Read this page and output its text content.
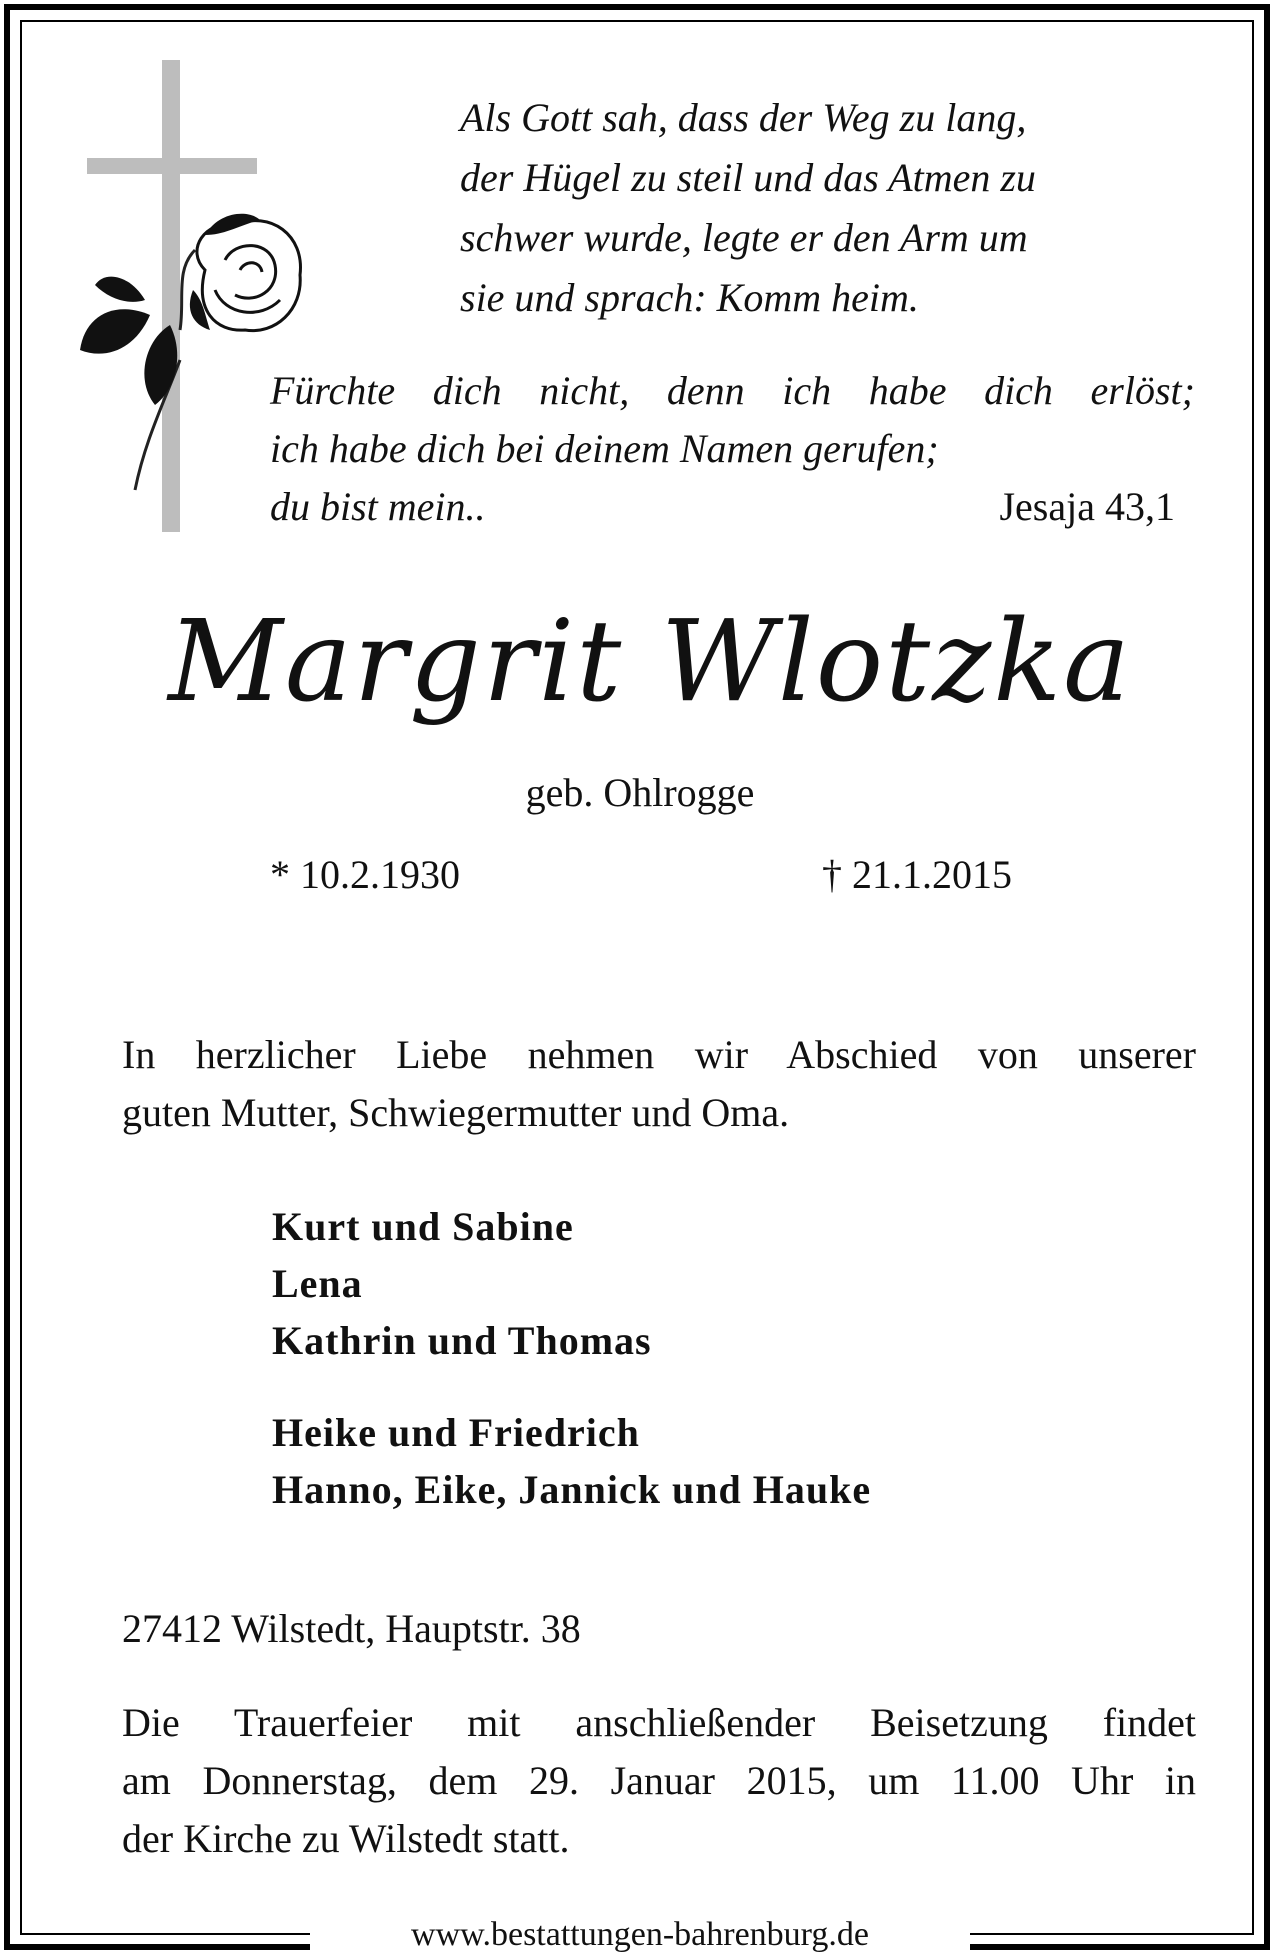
www.bestattungen-bahrenburg.de
Als Gott sah, dass der Weg zu lang,
der Hügel zu steil und das Atmen zu
schwer wurde, legte er den Arm um
sie und sprach: Komm heim.
Fürchte dich nicht, denn ich habe dich erlöst;
ich habe dich bei deinem Namen gerufen;
du bist mein..	Jesaja 43,1
Margrit Wlotzka
geb. Ohlrogge
* 10.2.1930	† 21.1.2015
In herzlicher Liebe nehmen wir Abschied von unserer
guten Mutter, Schwiegermutter und Oma.
Kurt und Sabine
Lena
Kathrin und Thomas
Heike und Friedrich
Hanno, Eike, Jannick und Hauke
27412 Wilstedt, Hauptstr. 38
Die Trauerfeier mit anschließender Beisetzung findet
am Donnerstag, dem 29. Januar 2015, um 11.00 Uhr in
der Kirche zu Wilstedt statt.
